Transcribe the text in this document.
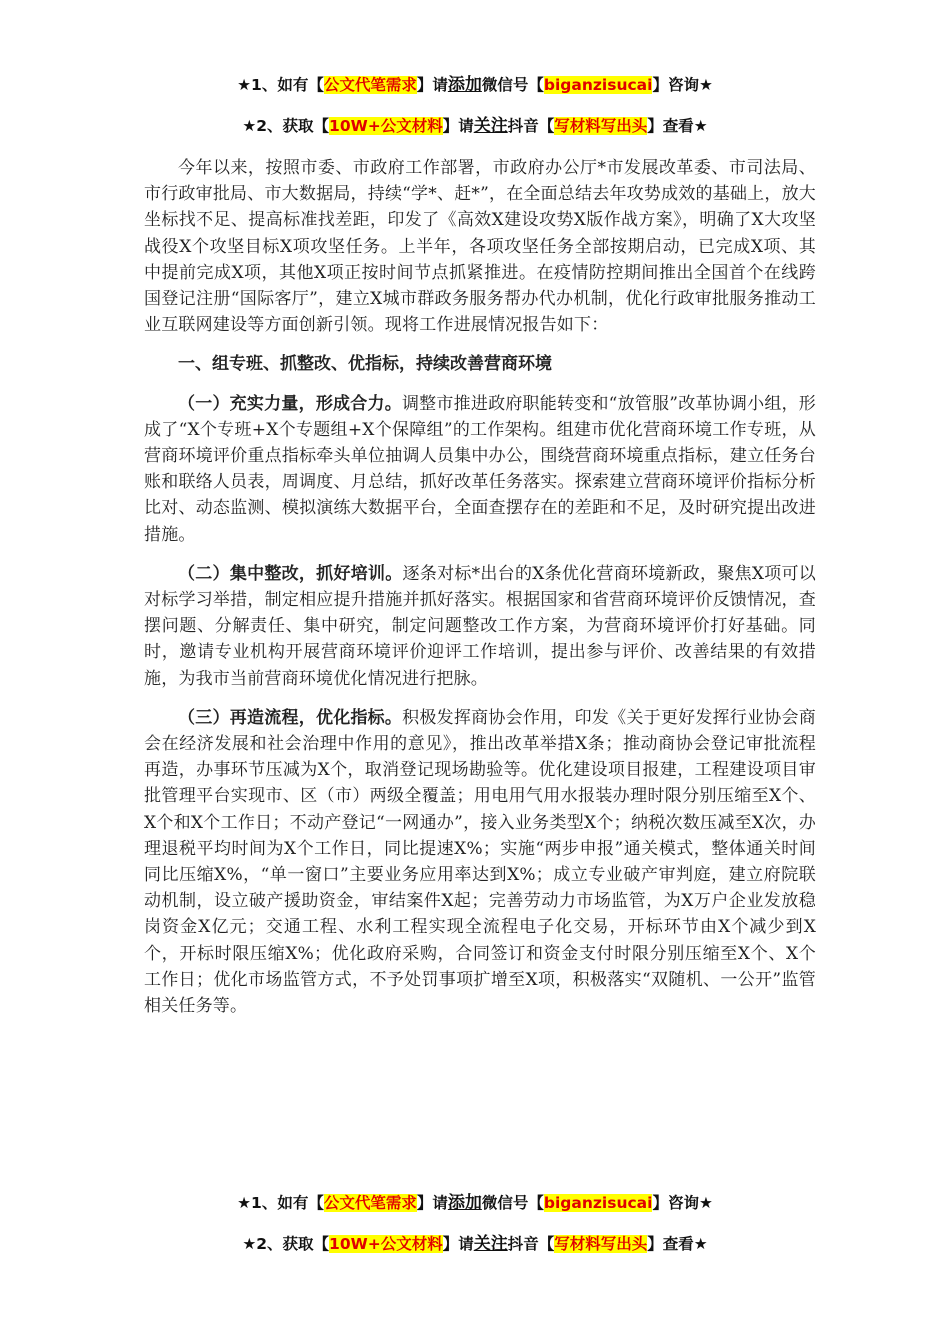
★1、如有【公文代笔需求】请添加微信号【biganzisucai】咨询★
★2、获取【10W+公文材料】请关注抖音【写材料写出头】查看★

今年以来，按照市委、市政府工作部署，市政府办公厅*市发展改革委、市司法局、市行政审批局、市大数据局，持续“学*、赶*”，在全面总结去年攻势成效的基础上，放大坐标找不足、提高标准找差距，印发了《高效X建设攻势X版作战方案》，明确了X大攻坚战役X个攻坚目标X项攻坚任务。上半年，各项攻坚任务全部按期启动，已完成X项、其中提前完成X项，其他X项正按时间节点抓紧推进。在疫情防控期间推出全国首个在线跨国登记注册“国际客厅”，建立X城市群政务服务帮办代办机制，优化行政审批服务推动工业互联网建设等方面创新引领。现将工作进展情况报告如下：

一、组专班、抓整改、优指标，持续改善营商环境

（一）充实力量，形成合力。调整市推进政府职能转变和“放管服”改革协调小组，形成了“X个专班+X个专题组+X个保障组”的工作架构。组建市优化营商环境工作专班，从营商环境评价重点指标牵头单位抽调人员集中办公，围绕营商环境重点指标，建立任务台账和联络人员表，周调度、月总结，抓好改革任务落实。探索建立营商环境评价指标分析比对、动态监测、模拟演练大数据平台，全面查摆存在的差距和不足，及时研究提出改进措施。

（二）集中整改，抓好培训。逐条对标*出台的X条优化营商环境新政，聚焦X项可以对标学习举措，制定相应提升措施并抓好落实。根据国家和省营商环境评价反馈情况，查摆问题、分解责任、集中研究，制定问题整改工作方案，为营商环境评价打好基础。同时，邀请专业机构开展营商环境评价迎评工作培训，提出参与评价、改善结果的有效措施，为我市当前营商环境优化情况进行把脉。

（三）再造流程，优化指标。积极发挥商协会作用，印发《关于更好发挥行业协会商会在经济发展和社会治理中作用的意见》，推出改革举措X条；推动商协会登记审批流程再造，办事环节压减为X个，取消登记现场勘验等。优化建设项目报建，工程建设项目审批管理平台实现市、区（市）两级全覆盖；用电用气用水报装办理时限分别压缩至X个、X个和X个工作日；不动产登记“一网通办”，接入业务类型X个；纳税次数压减至X次，办理退税平均时间为X个工作日，同比提速X%；实施“两步申报”通关模式，整体通关时间同比压缩X%，“单一窗口”主要业务应用率达到X%；成立专业破产审判庭，建立府院联动机制，设立破产援助资金，审结案件X起；完善劳动力市场监管，为X万户企业发放稳岗资金X亿元；交通工程、水利工程实现全流程电子化交易，开标环节由X个减少到X个，开标时限压缩X%；优化政府采购，合同签订和资金支付时限分别压缩至X个、X个工作日；优化市场监管方式，不予处罚事项扩增至X项，积极落实“双随机、一公开”监管相关任务等。

★1、如有【公文代笔需求】请添加微信号【biganzisucai】咨询★
★2、获取【10W+公文材料】请关注抖音【写材料写出头】查看★
